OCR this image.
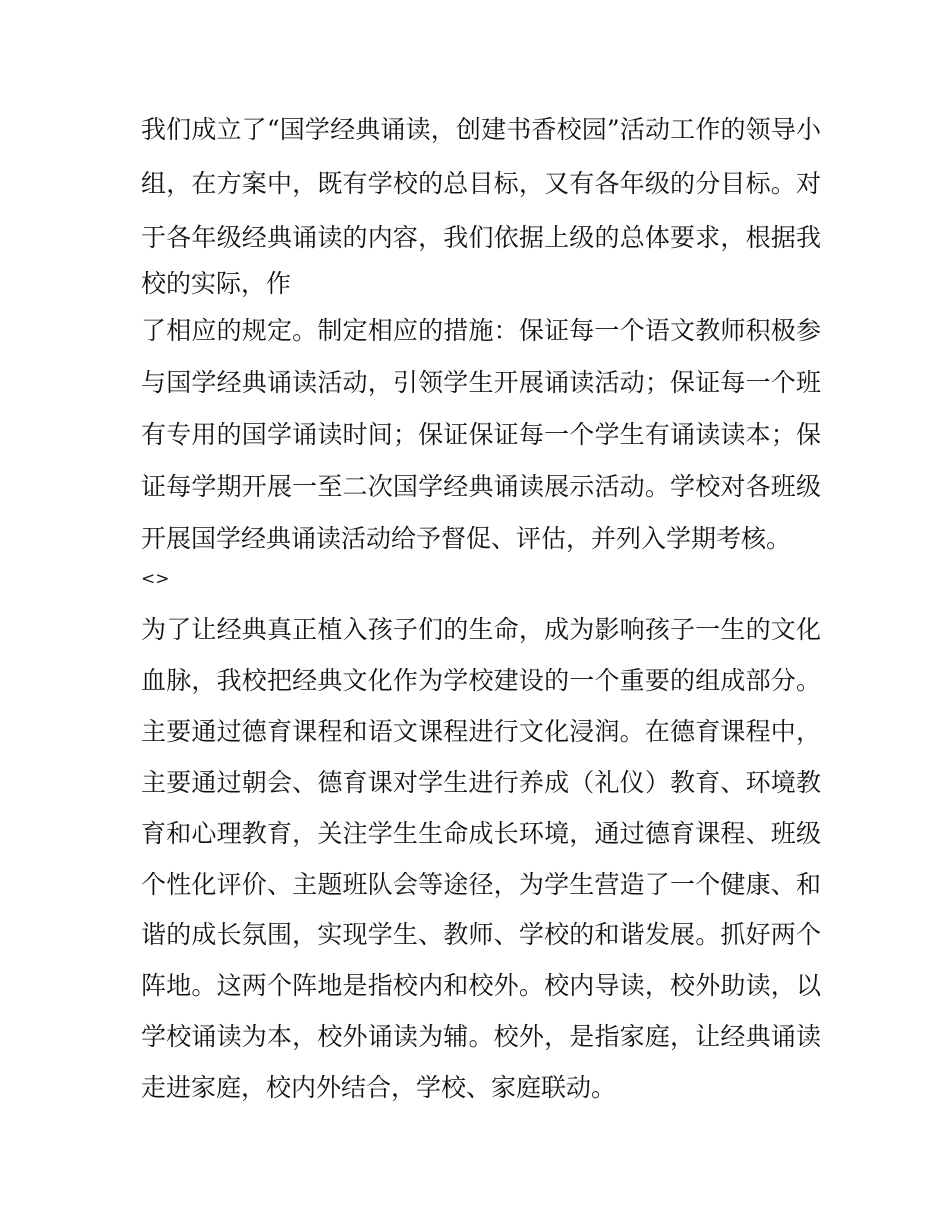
我们成立了“国学经典诵读，创建书香校园”活动工作的领导小

组，在方案中，既有学校的总目标，又有各年级的分目标。对

于各年级经典诵读的内容，我们依据上级的总体要求，根据我

校的实际，作

了相应的规定。制定相应的措施：保证每一个语文教师积极参

与国学经典诵读活动，引领学生开展诵读活动；保证每一个班

有专用的国学诵读时间；保证保证每一个学生有诵读读本；保

证每学期开展一至二次国学经典诵读展示活动。学校对各班级

开展国学经典诵读活动给予督促、评估，并列入学期考核。

<>

为了让经典真正植入孩子们的生命，成为影响孩子一生的文化

血脉，我校把经典文化作为学校建设的一个重要的组成部分。

主要通过德育课程和语文课程进行文化浸润。在德育课程中，

主要通过朝会、德育课对学生进行养成（礼仪）教育、环境教

育和心理教育，关注学生生命成长环境，通过德育课程、班级

个性化评价、主题班队会等途径，为学生营造了一个健康、和

谐的成长氛围，实现学生、教师、学校的和谐发展。抓好两个

阵地。这两个阵地是指校内和校外。校内导读，校外助读，以

学校诵读为本，校外诵读为辅。校外，是指家庭，让经典诵读

走进家庭，校内外结合，学校、家庭联动。
